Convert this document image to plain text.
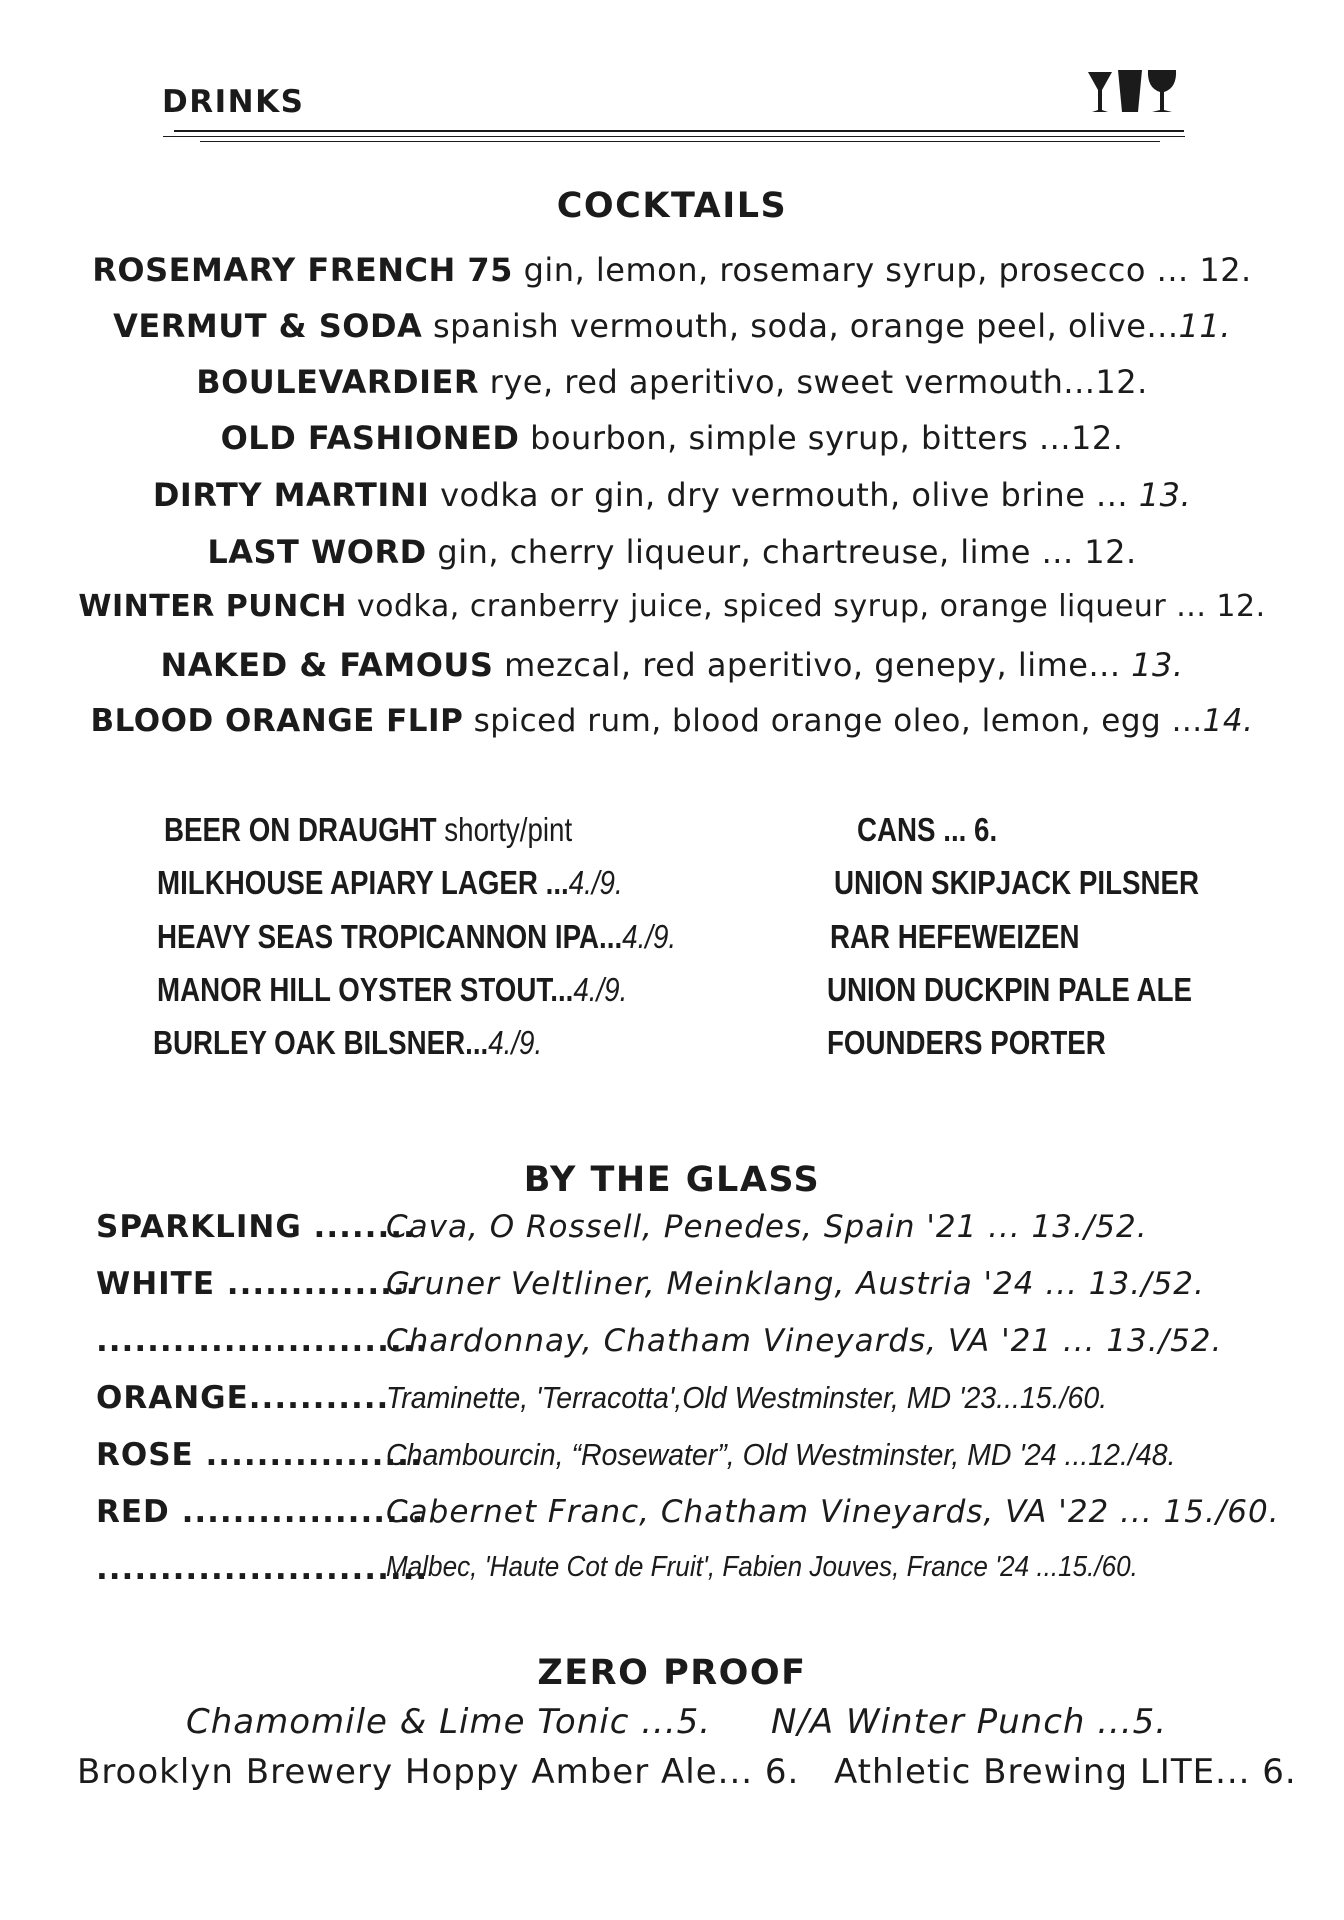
DRINKS
COCKTAILS
ROSEMARY FRENCH 75 gin, lemon, rosemary syrup, prosecco ... 12.
VERMUT & SODA spanish vermouth, soda, orange peel, olive...11.
BOULEVARDIER rye, red aperitivo, sweet vermouth...12.
OLD FASHIONED bourbon, simple syrup, bitters ...12.
DIRTY MARTINI vodka or gin, dry vermouth, olive brine ... 13.
LAST WORD gin, cherry liqueur, chartreuse, lime ... 12.
WINTER PUNCH vodka, cranberry juice, spiced syrup, orange liqueur ... 12.
NAKED & FAMOUS mezcal, red aperitivo, genepy, lime... 13.
BLOOD ORANGE FLIP spiced rum, blood orange oleo, lemon, egg ...14.
BEER ON DRAUGHT shorty/pint
MILKHOUSE APIARY LAGER ...4./9.
HEAVY SEAS TROPICANNON IPA...4./9.
MANOR HILL OYSTER STOUT...4./9.
BURLEY OAK BILSNER...4./9.
CANS ... 6.
UNION SKIPJACK PILSNER
RAR HEFEWEIZEN
UNION DUCKPIN PALE ALE
FOUNDERS PORTER
BY THE GLASS
SPARKLING ........
Cava, O Rossell, Penedes, Spain '21 ... 13./52.
WHITE ...............
Gruner Veltliner, Meinklang, Austria '24 ... 13./52.
..........................
Chardonnay, Chatham Vineyards, VA '21 ... 13./52.
ORANGE...........
Traminette, 'Terracotta',Old Westminster, MD '23...15./60.
ROSE .................
Chambourcin, “Rosewater”, Old Westminster, MD '24 ...12./48.
RED ...................
Cabernet Franc, Chatham Vineyards, VA '22 ... 15./60.
..........................
Malbec, 'Haute Cot de Fruit', Fabien Jouves, France '24 ...15./60.
ZERO PROOF
Chamomile & Lime Tonic ...5. N/A Winter Punch ...5.
Brooklyn Brewery Hoppy Amber Ale... 6. Athletic Brewing LITE... 6.
